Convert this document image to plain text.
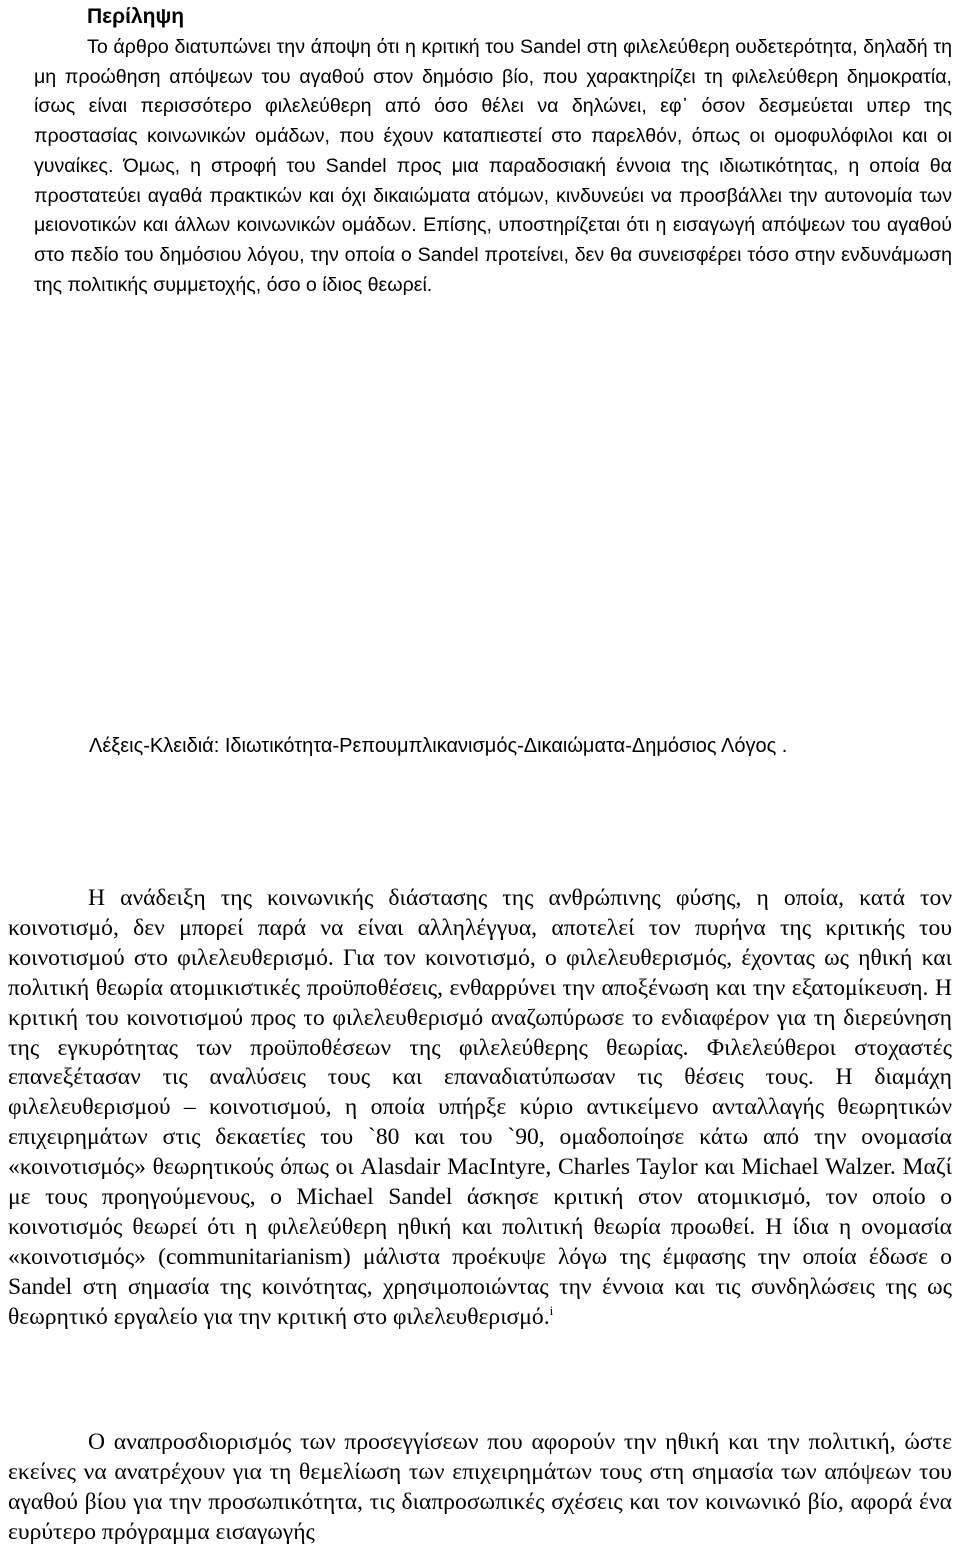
Περίληψη

Το άρθρο διατυπώνει την άποψη ότι η κριτική του Sandel στη φιλελεύθερη ουδετερότητα, δηλαδή τη μη προώθηση απόψεων του αγαθού στον δημόσιο βίο, που χαρακτηρίζει τη φιλελεύθερη δημοκρατία, ίσως είναι περισσότερο φιλελεύθερη από όσο θέλει να δηλώνει, εφ᾽ όσον δεσμεύεται υπερ της προστασίας κοινωνικών ομάδων, που έχουν καταπιεστεί στο παρελθόν, όπως οι ομοφυλόφιλοι και οι γυναίκες. Όμως, η στροφή του Sandel προς μια παραδοσιακή έννοια της ιδιωτικότητας, η οποία θα προστατεύει αγαθά πρακτικών και όχι δικαιώματα ατόμων, κινδυνεύει να προσβάλλει την αυτονομία των μειονοτικών και άλλων κοινωνικών ομάδων. Επίσης, υποστηρίζεται ότι η εισαγωγή απόψεων του αγαθού στο πεδίο του δημόσιου λόγου, την οποία ο Sandel προτείνει, δεν θα συνεισφέρει τόσο στην ενδυνάμωση της πολιτικής συμμετοχής, όσο ο ίδιος θεωρεί.

Λέξεις-Κλειδιά: Ιδιωτικότητα-Ρεπουμπλικανισμός-Δικαιώματα-Δημόσιος Λόγος .

Η ανάδειξη της κοινωνικής διάστασης της ανθρώπινης φύσης, η οποία, κατά τον κοινοτισμό, δεν μπορεί παρά να είναι αλληλέγγυα, αποτελεί τον πυρήνα της κριτικής του κοινοτισμού στο φιλελευθερισμό. Για τον κοινοτισμό, ο φιλελευθερισμός, έχοντας ως ηθική και πολιτική θεωρία ατομικιστικές προϋποθέσεις, ενθαρρύνει την αποξένωση και την εξατομίκευση. Η κριτική του κοινοτισμού προς το φιλελευθερισμό αναζωπύρωσε το ενδιαφέρον για τη διερεύνηση της εγκυρότητας των προϋποθέσεων της φιλελεύθερης θεωρίας. Φιλελεύθεροι στοχαστές επανεξέτασαν τις αναλύσεις τους και επαναδιατύπωσαν τις θέσεις τους. Η διαμάχη φιλελευθερισμού – κοινοτισμού, η οποία υπήρξε κύριο αντικείμενο ανταλλαγής θεωρητικών επιχειρημάτων στις δεκαετίες του `80 και του `90, ομαδοποίησε κάτω από την ονομασία «κοινοτισμός» θεωρητικούς όπως οι Alasdair MacIntyre, Charles Taylor και Michael Walzer. Μαζί με τους προηγούμενους, ο Michael Sandel άσκησε κριτική στον ατομικισμό, τον οποίο ο κοινοτισμός θεωρεί ότι η φιλελεύθερη ηθική και πολιτική θεωρία προωθεί. Η ίδια η ονομασία «κοινοτισμός» (communitarianism) μάλιστα προέκυψε λόγω της έμφασης την οποία έδωσε ο Sandel στη σημασία της κοινότητας, χρησιμοποιώντας την έννοια και τις συνδηλώσεις της ως θεωρητικό εργαλείο για την κριτική στο φιλελευθερισμό.$^i$

Ο αναπροσδιορισμός των προσεγγίσεων που αφορούν την ηθική και την πολιτική, ώστε εκείνες να ανατρέχουν για τη θεμελίωση των επιχειρημάτων τους στη σημασία των απόψεων του αγαθού βίου για την προσωπικότητα, τις διαπροσωπικές σχέσεις και τον κοινωνικό βίο, αφορά ένα ευρύτερο πρόγραμμα εισαγωγής
